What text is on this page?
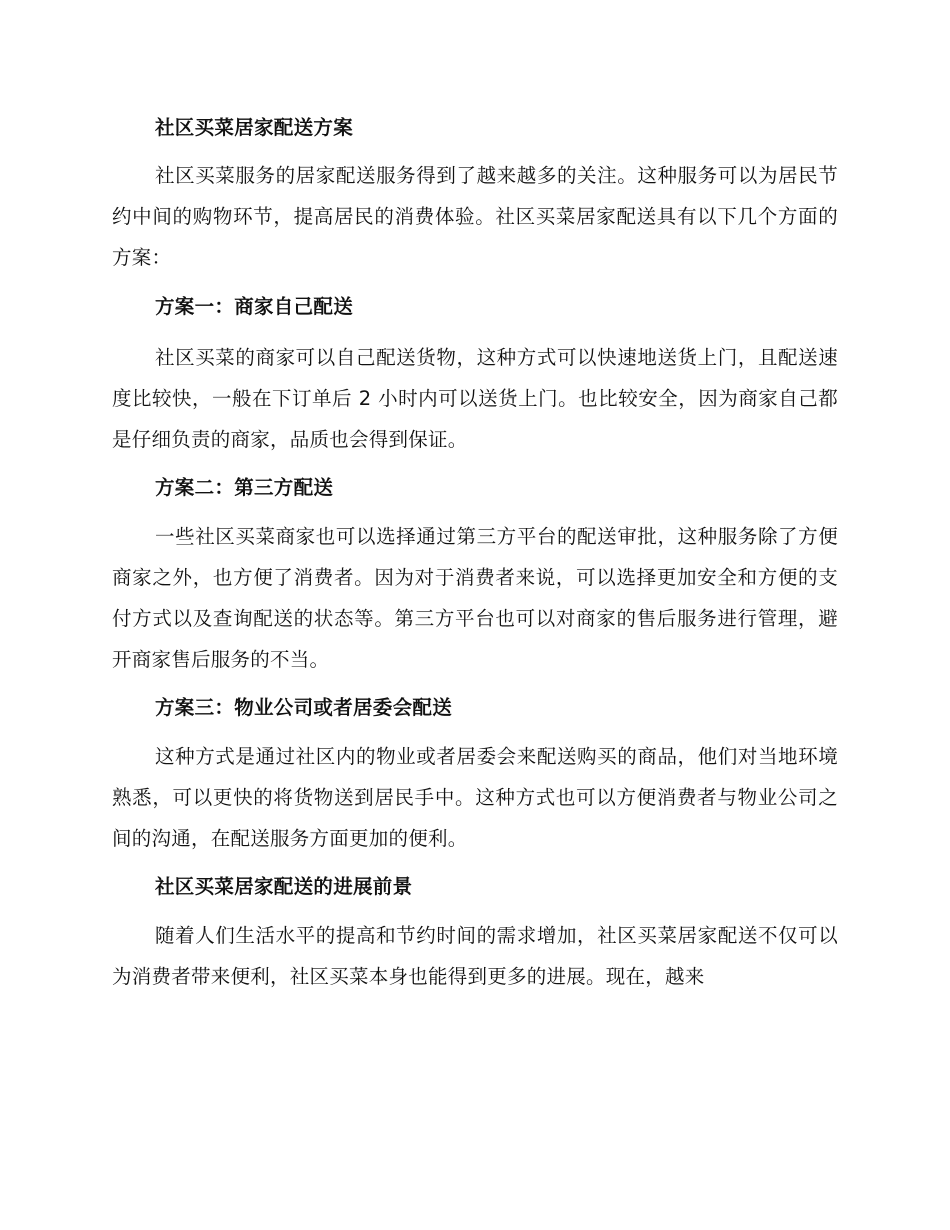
社区买菜居家配送方案

社区买菜服务的居家配送服务得到了越来越多的关注。这种服务可以为居民节约中间的购物环节，提高居民的消费体验。社区买菜居家配送具有以下几个方面的方案：

方案一：商家自己配送

社区买菜的商家可以自己配送货物，这种方式可以快速地送货上门，且配送速度比较快，一般在下订单后 2 小时内可以送货上门。也比较安全，因为商家自己都是仔细负责的商家，品质也会得到保证。

方案二：第三方配送

一些社区买菜商家也可以选择通过第三方平台的配送审批，这种服务除了方便商家之外，也方便了消费者。因为对于消费者来说，可以选择更加安全和方便的支付方式以及查询配送的状态等。第三方平台也可以对商家的售后服务进行管理，避开商家售后服务的不当。

方案三：物业公司或者居委会配送

这种方式是通过社区内的物业或者居委会来配送购买的商品，他们对当地环境熟悉，可以更快的将货物送到居民手中。这种方式也可以方便消费者与物业公司之间的沟通，在配送服务方面更加的便利。

社区买菜居家配送的进展前景

随着人们生活水平的提高和节约时间的需求增加，社区买菜居家配送不仅可以为消费者带来便利，社区买菜本身也能得到更多的进展。现在，越来
